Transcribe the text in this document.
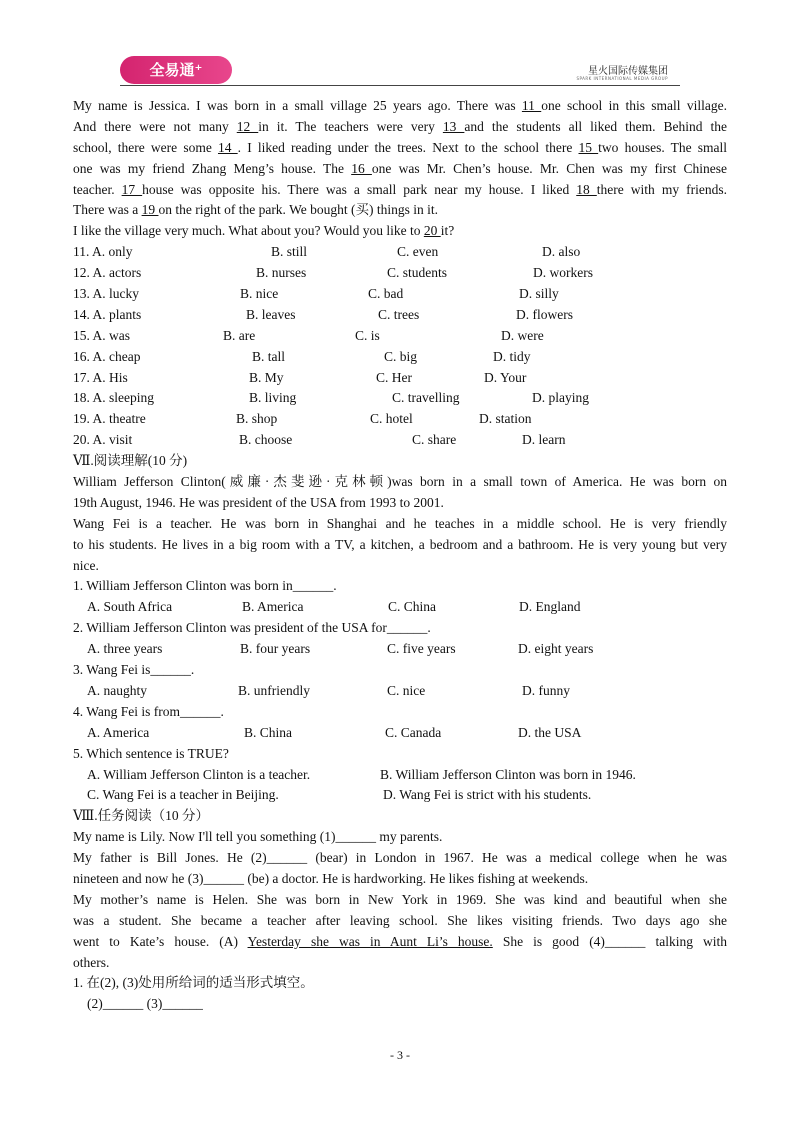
全易通⁺	星火国际传媒集团
SPARK INTERNATIONAL MEDIA GROUP
My name is Jessica. I was born in a small village 25 years ago. There was 11 one school in this small village.
And there were not many 12 in it. The teachers were very 13 and the students all liked them. Behind the
school, there were some 14 . I liked reading under the trees. Next to the school there 15 two houses. The small
one was my friend Zhang Meng’s house. The 16 one was Mr. Chen’s house. Mr. Chen was my first Chinese
teacher. 17 house was opposite his. There was a small park near my house. I liked 18 there with my friends.
There was a 19 on the right of the park. We bought (买) things in it.
I like the village very much. What about you? Would you like to 20 it?
11. A. only	B. still	C. even	D. also
12. A. actors	B. nurses	C. students	D. workers
13. A. lucky	B. nice	C. bad	D. silly
14. A. plants	B. leaves	C. trees	D. flowers
15. A. was	B. are	C. is	D. were
16. A. cheap	B. tall	C. big	D. tidy
17. A. His	B. My	C. Her	D. Your
18. A. sleeping	B. living	C. travelling	D. playing
19. A. theatre	B. shop	C. hotel	D. station
20. A. visit	B. choose	C. share	D. learn
Ⅶ.阅读理解(10 分)
William Jefferson Clinton(威廉·杰斐逊·克林顿)was born in a small town of America. He was born on
19th August, 1946. He was president of the USA from 1993 to 2001.
Wang Fei is a teacher. He was born in Shanghai and he teaches in a middle school. He is very friendly
to his students. He lives in a big room with a TV, a kitchen, a bedroom and a bathroom. He is very young but very
nice.
1. William Jefferson Clinton was born in______.
A. South Africa	B. America	C. China	D. England
2. William Jefferson Clinton was president of the USA for______.
A. three years	B. four years	C. five years	D. eight years
3. Wang Fei is______.
A. naughty	B. unfriendly	C. nice	D. funny
4. Wang Fei is from______.
A. America	B. China	C. Canada	D. the USA
5. Which sentence is TRUE?
A. William Jefferson Clinton is a teacher.	B. William Jefferson Clinton was born in 1946.
C. Wang Fei is a teacher in Beijing.	D. Wang Fei is strict with his students.
Ⅷ.任务阅读（10 分）
My name is Lily. Now I'll tell you something (1)______ my parents.
My father is Bill Jones. He (2)______ (bear) in London in 1967. He was a medical college when he was
nineteen and now he (3)______ (be) a doctor. He is hardworking. He likes fishing at weekends.
My mother’s name is Helen. She was born in New York in 1969. She was kind and beautiful when she
was a student. She became a teacher after leaving school. She likes visiting friends. Two days ago she
went to Kate’s house. (A) Yesterday she was in Aunt Li’s house. She is good (4)______ talking with
others.
1. 在(2), (3)处用所给词的适当形式填空。
(2)______ (3)______
- 3 -
